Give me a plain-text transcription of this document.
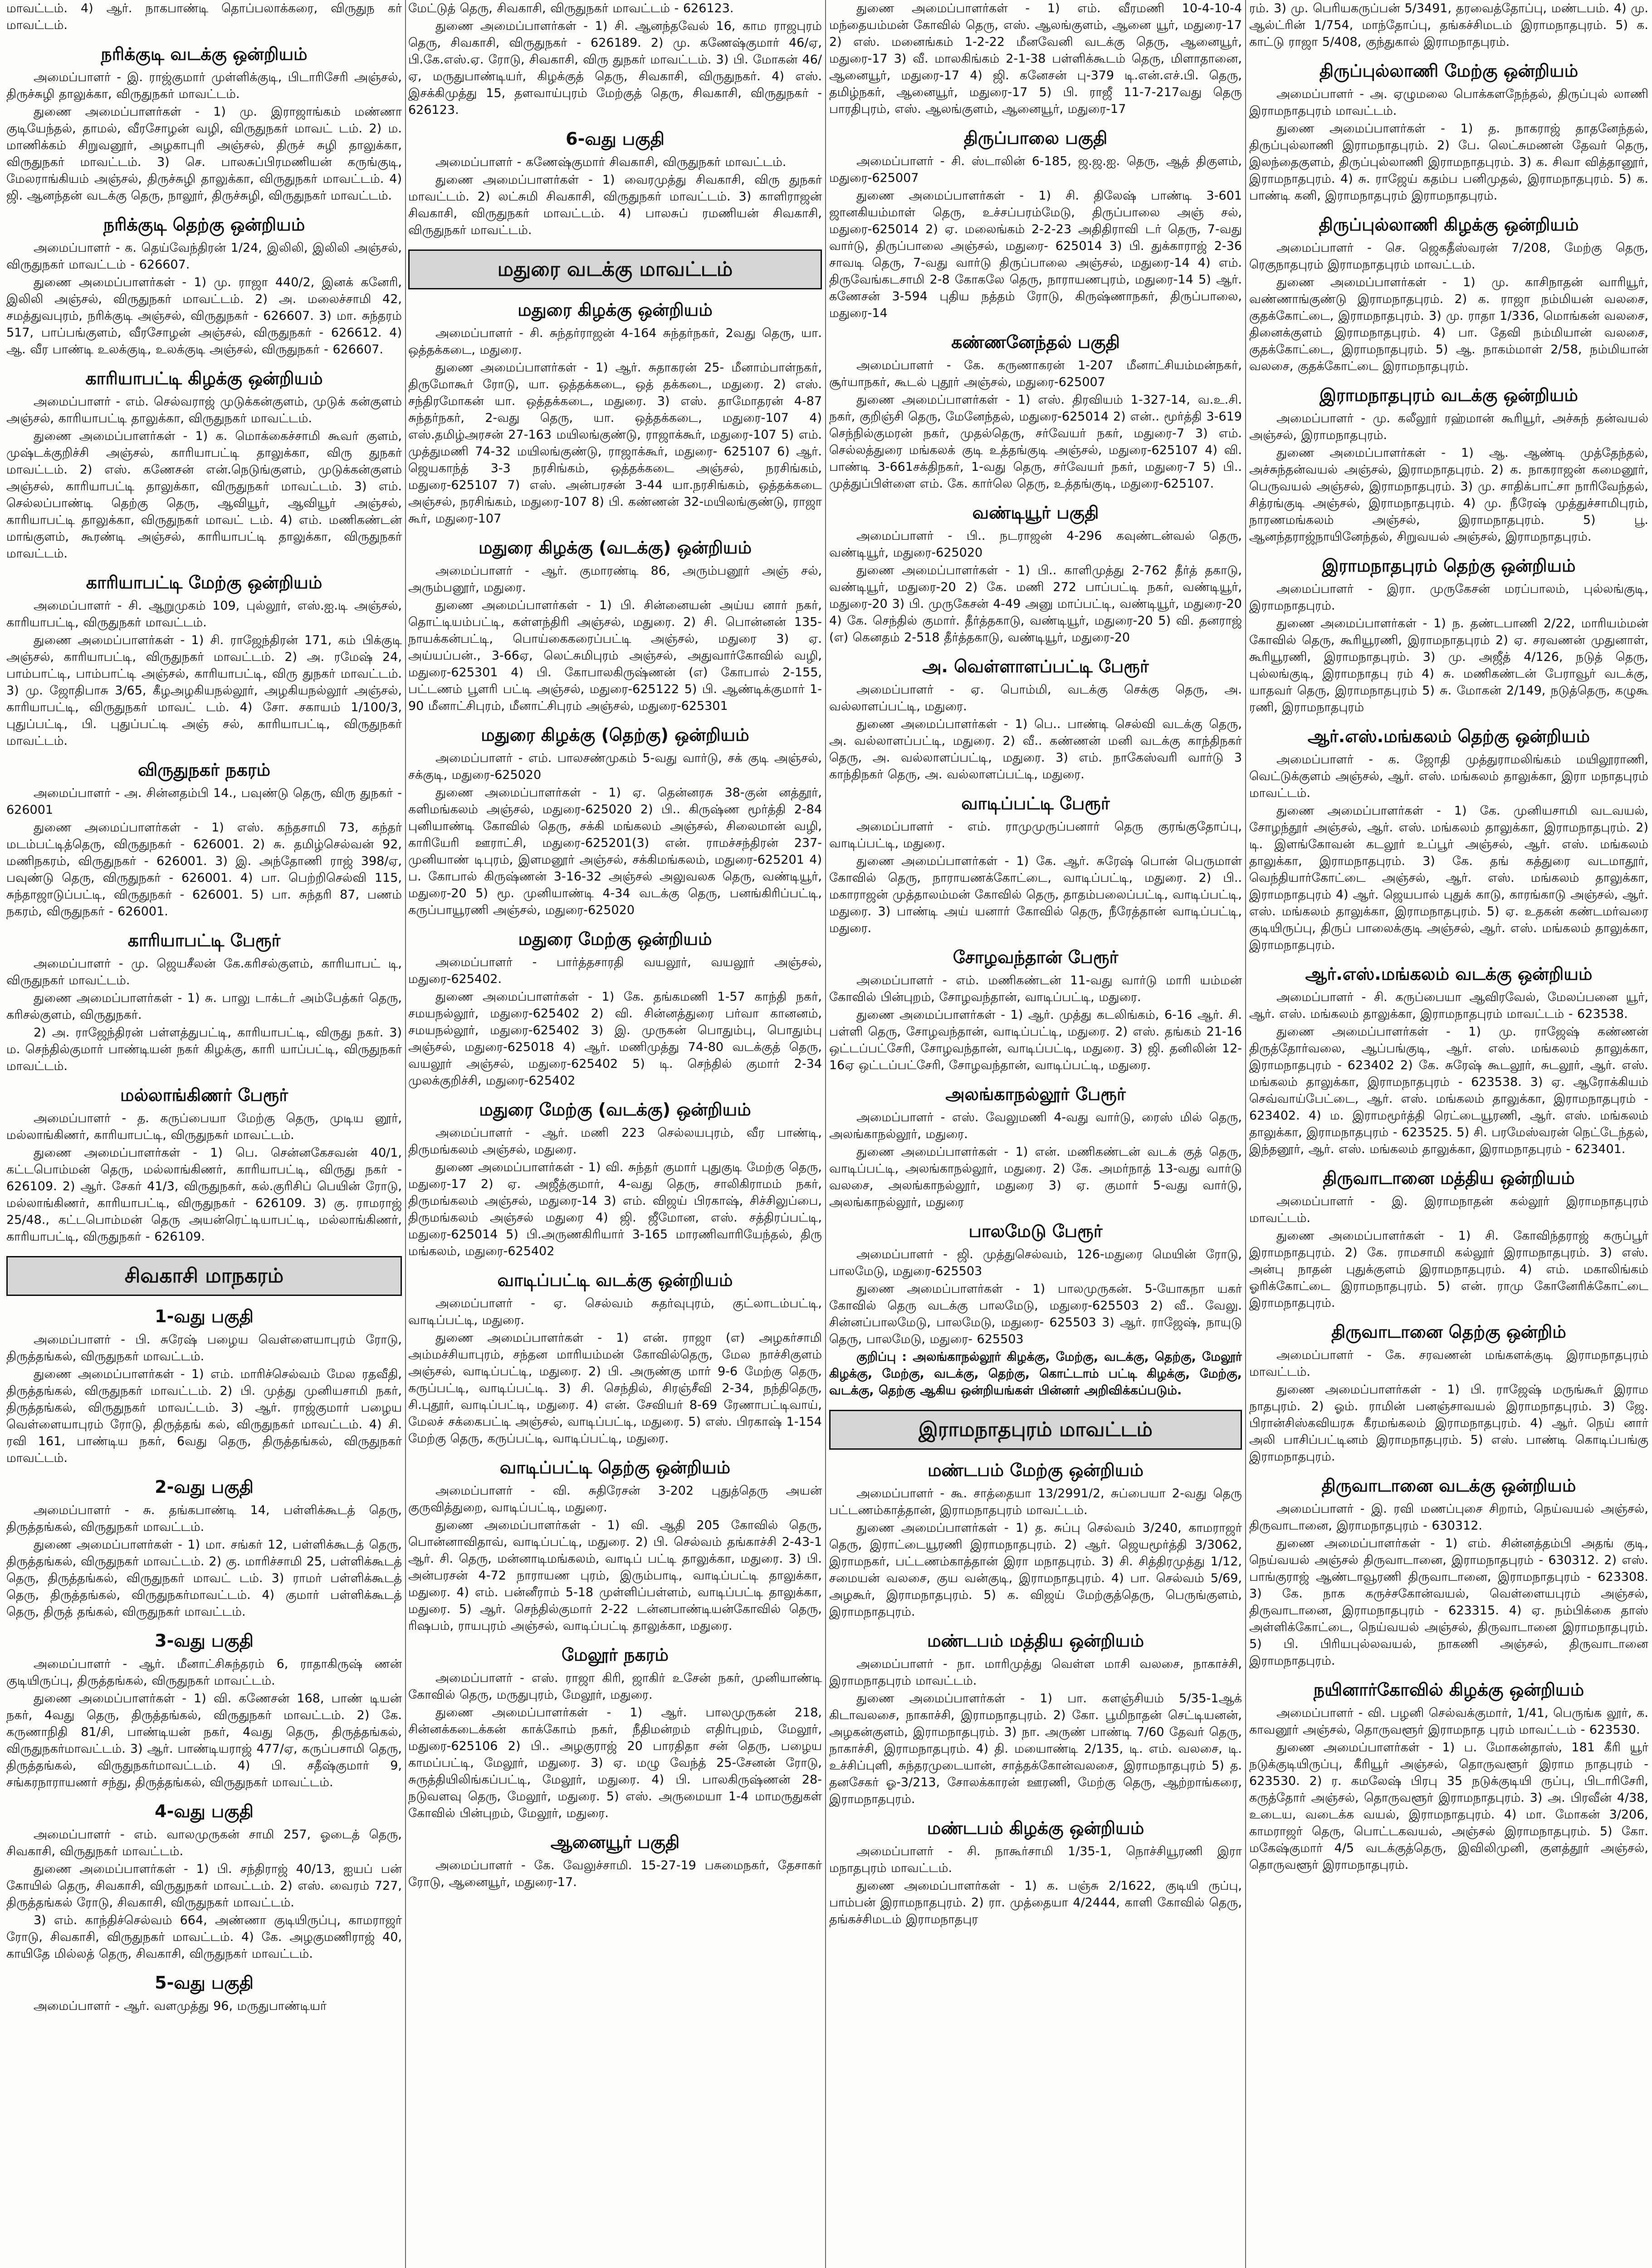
மாவட்டம். 4) ஆர். நாகபாண்டி தொப்பலாக்கரை, விருதுந கர் மாவட்டம்.
நரிக்குடி வடக்கு ஒன்றியம்
அமைப்பாளர் - இ. ராஜ்குமார் முள்ளிக்குடி, பிடாரிசேரி அஞ்சல், திருச்சுழி தாலுக்கா, விருதுநகர் மாவட்டம்.
துணை அமைப்பாளர்கள் - 1) மு. இராஜாங்கம் மண்ணா குடியேந்தல், தாமல், வீரசோழன் வழி, விருதுநகர் மாவட் டம். 2) ம. மாணிக்கம் சிறுவனூர், அழகாபுரி அஞ்சல், திருச் சுழி தாலுக்கா, விருதுநகர் மாவட்டம். 3) செ. பாலசுப்பிரமணியன் கருங்குடி, மேலராங்கியம் அஞ்சல், திருச்சுழி தாலுக்கா, விருதுநகர் மாவட்டம். 4) ஜி. ஆனந்தன் வடக்கு தெரு, நாலூர், திருச்சுழி, விருதுநகர் மாவட்டம்.
நரிக்குடி தெற்கு ஒன்றியம்
அமைப்பாளர் - க. தெய்வேந்திரன் 1/24, இலிலி, இலிலி அஞ்சல், விருதுநகர் மாவட்டம் - 626607.
துணை அமைப்பாளர்கள் - 1) மு. ராஜா 440/2, இனக் கனேரி, இலிலி அஞ்சல், விருதுநகர் மாவட்டம். 2) அ. மலைச்சாமி 42, சமத்துவபுரம், நரிக்குடி அஞ்சல், விருதுநகர் - 626607. 3) மா. சுந்தரம் 517, பாப்பங்குளம், வீரசோழன் அஞ்சல், விருதுநகர் - 626612. 4) ஆ. வீர பாண்டி உலக்குடி, உலக்குடி அஞ்சல், விருதுநகர் - 626607.
காரியாபட்டி கிழக்கு ஒன்றியம்
அமைப்பாளர் - எம். செல்வராஜ் முடுக்கன்குளம், முடுக் கன்குளம் அஞ்சல், காரியாபட்டி தாலுக்கா, விருதுநகர் மாவட்டம்.
துணை அமைப்பாளர்கள் - 1) க. மொக்கைச்சாமி கூவர் குளம், முஷ்டக்குறிச்சி அஞ்சல், காரியாபட்டி தாலுக்கா, விரு துநகர் மாவட்டம். 2) எஸ். கணேசன் என்.நெடுங்குளம், முடுக்கன்குளம் அஞ்சல், காரியாபட்டி தாலுக்கா, விருதுநகர் மாவட்டம். 3) எம். செல்லப்பாண்டி தெற்கு தெரு, ஆவியூர், ஆவியூர் அஞ்சல், காரியாபட்டி தாலுக்கா, விருதுநகர் மாவட் டம். 4) எம். மணிகண்டன் மாங்குளம், கூரண்டி அஞ்சல், காரியாபட்டி தாலுக்கா, விருதுநகர் மாவட்டம்.
காரியாபட்டி மேற்கு ஒன்றியம்
அமைப்பாளர் - சி. ஆறுமுகம் 109, புல்லூர், எஸ்.ஐ.டி அஞ்சல், காரியாபட்டி, விருதுநகர் மாவட்டம்.
துணை அமைப்பாளர்கள் - 1) சி. ராஜேந்திரன் 171, கம் பிக்குடி அஞ்சல், காரியாபட்டி, விருதுநகர் மாவட்டம். 2) அ. ரமேஷ் 24, பாம்பாட்டி, பாம்பாட்டி அஞ்சல், காரியாபட்டி, விரு துநகர் மாவட்டம். 3) மு. ஜோதிபாசு 3/65, கீழஅழகியநல்லூர், அழகியநல்லூர் அஞ்சல், காரியாபட்டி, விருதுநகர் மாவட் டம். 4) சோ. சகாயம் 1/100/3, புதுப்பட்டி, பி. புதுப்பட்டி அஞ் சல், காரியாபட்டி, விருதுநகர் மாவட்டம்.
விருதுநகர் நகரம்
அமைப்பாளர் - அ. சின்னதம்பி 14., பவுண்டு தெரு, விரு துநகர் - 626001
துணை அமைப்பாளர்கள் - 1) எஸ். கந்தசாமி 73, கந்தர் மடம்பட்டித்தெரு, விருதுநகர் - 626001. 2) சு. தமிழ்செல்வன் 92, மணிநகரம், விருதுநகர் - 626001. 3) இ. அந்தோணி ராஜ் 398/ஏ, பவுண்டு தெரு, விருதுநகர் - 626001. 4) பா. பெற்றிசெல்வி 115, சுந்தாஜாடுப்பட்டி, விருதுநகர் - 626001. 5) பா. சுந்தரி 87, பணம் நகரம், விருதுநகர் - 626001.
காரியாபட்டி பேரூர்
அமைப்பாளர் - மு. ஜெயசீலன் கே.கரிசல்குளம், காரியாபட் டி, விருதுநகர் மாவட்டம்.
துணை அமைப்பாளர்கள் - 1) சு. பாலு டாக்டர் அம்பேத்கர் தெரு, கரிசல்குளம், விருதுநகர்.
2) அ. ராஜேந்திரன் பள்ளத்துபட்டி, காரியாபட்டி, விருது நகர். 3) ம. செந்தில்குமார் பாண்டியன் நகர் கிழக்கு, காரி யாப்பட்டி, விருதுநகர் மாவட்டம்.
மல்லாங்கிணர் பேரூர்
அமைப்பாளர் - த. கருப்பையா மேற்கு தெரு, முடிய னூர், மல்லாங்கிணர், காரியாபட்டி, விருதுநகர் மாவட்டம்.
துணை அமைப்பாளர்கள் - 1) பெ. சென்னகேசவன் 40/1, கட்டபொம்மன் தெரு, மல்லாங்கிணர், காரியாபட்டி, விருது நகர் - 626109. 2) ஆர். சேகர் 41/3, விருதுநகர், கல்.குரிசிப் பெயின் ரோடு, மல்லாங்கிணர், காரியாபட்டி, விருதுநகர் - 626109. 3) கு. ராமராஜ் 25/48., கட்டபொம்மன் தெரு அயன்ரெட்டியாபட்டி, மல்லாங்கிணர், காரியாபட்டி, விருதுநகர் - 626109.
சிவகாசி மாநகரம்
1-வது பகுதி
அமைப்பாளர் - பி. சுரேஷ் பழைய வெள்ளையாபுரம் ரோடு, திருத்தங்கல், விருதுநகர் மாவட்டம்.
துணை அமைப்பாளர்கள் - 1) எம். மாரிச்செல்வம் மேல ரதவீதி, திருத்தங்கல், விருதுநகர் மாவட்டம். 2) பி. முத்து முனியசாமி நகர், திருத்தங்கல், விருதுநகர் மாவட்டம். 3) ஆர். ராஜ்குமார் பழைய வெள்ளையாபுரம் ரோடு, திருத்தங் கல், விருதுநகர் மாவட்டம். 4) சி. ரவி 161, பாண்டிய நகர், 6வது தெரு, திருத்தங்கல், விருதுநகர் மாவட்டம்.
2-வது பகுதி
அமைப்பாளர் - சு. தங்கபாண்டி 14, பள்ளிக்கூடத் தெரு, திருத்தங்கல், விருதுநகர் மாவட்டம்.
துணை அமைப்பாளர்கள் - 1) மா. சங்கர் 12, பள்ளிக்கூடத் தெரு, திருத்தங்கல், விருதுநகர் மாவட்டம். 2) கு. மாரிச்சாமி 25, பள்ளிக்கூடத் தெரு, திருத்தங்கல், விருதுநகர் மாவட் டம். 3) ராமர் பள்ளிக்கூடத் தெரு, திருத்தங்கல், விருதுநகர்மாவட்டம். 4) குமார் பள்ளிக்கூடத் தெரு, திருத் தங்கல், விருதுநகர் மாவட்டம்.
3-வது பகுதி
அமைப்பாளர் - ஆர். மீனாட்சிசுந்தரம் 6, ராதாகிருஷ் ணன் குடியிருப்பு, திருத்தங்கல், விருதுநகர் மாவட்டம்.
துணை அமைப்பாளர்கள் - 1) வி. கணேசன் 168, பாண் டியன் நகர், 4வது தெரு, திருத்தங்கல், விருதுநகர் மாவட்டம். 2) கே. கருணாநிதி 81/சி, பாண்டியன் நகர், 4வது தெரு, திருத்தங்கல், விருதுநகர்மாவட்டம். 3) ஆர். பாண்டியராஜ் 477/ஏ, கருப்பசாமி தெரு, திருத்தங்கல், விருதுநகர்மாவட்டம். 4) பி. சதீஷ்குமார் 9, சங்கரநாராயணர் சந்து, திருத்தங்கல், விருதுநகர் மாவட்டம்.
4-வது பகுதி
அமைப்பாளர் - எம். வாலமுருகன் சாமி 257, ஓடைத் தெரு, சிவகாசி, விருதுநகர் மாவட்டம்.
துணை அமைப்பாளர்கள் - 1) பி. சந்திராஜ் 40/13, ஐயப் பன் கோயில் தெரு, சிவகாசி, விருதுநகர் மாவட்டம். 2) எஸ். வைரம் 727, திருத்தங்கல் ரோடு, சிவகாசி, விருதுநகர் மாவட்டம்.
3) எம். காந்திச்செல்வம் 664, அண்ணா குடியிருப்பு, காமராஜர் ரோடு, சிவகாசி, விருதுநகர் மாவட்டம். 4) கே. அழகுமணிராஜ் 40, காயிதே மில்லத் தெரு, சிவகாசி, விருதுநகர் மாவட்டம்.
5-வது பகுதி
அமைப்பாளர் - ஆர். வளமுத்து 96, மருதுபாண்டியர்
மேட்டுத் தெரு, சிவகாசி, விருதுநகர் மாவட்டம் - 626123.
துணை அமைப்பாளர்கள் - 1) சி. ஆனந்தவேல் 16, காம ராஜபுரம் தெரு, சிவகாசி, விருதுநகர் - 626189. 2) மு. கணேஷ்குமார் 46/ஏ, பி.கே.எஸ்.ஏ. ரோடு, சிவகாசி, விரு துநகர் மாவட்டம். 3) பி. மோகன் 46/ஏ, மருதுபாண்டியர், கிழக்குத் தெரு, சிவகாசி, விருதுநகர். 4) எஸ். இசக்கிமுத்து 15, தளவாய்புரம் மேற்குத் தெரு, சிவகாசி, விருதுநகர் - 626123.
6-வது பகுதி
அமைப்பாளர் - கணேஷ்குமார் சிவகாசி, விருதுநகர் மாவட்டம்.
துணை அமைப்பாளர்கள் - 1) வைரமுத்து சிவகாசி, விரு துநகர் மாவட்டம். 2) லட்சுமி சிவகாசி, விருதுநகர் மாவட்டம். 3) காளிராஜன் சிவகாசி, விருதுநகர் மாவட்டம். 4) பாலசுப் ரமணியன் சிவகாசி, விருதுநகர் மாவட்டம்.
மதுரை வடக்கு மாவட்டம்
மதுரை கிழக்கு ஒன்றியம்
அமைப்பாளர் - சி. சுந்தர்ராஜன் 4-164 சுந்தர்நகர், 2வது தெரு, யா. ஒத்தக்கடை, மதுரை.
துணை அமைப்பாளர்கள் - 1) ஆர். சுதாகரன் 25- மீனாம்பாள்நகர், திருமோகூர் ரோடு, யா. ஒத்தக்கடை, ஒத் தக்கடை, மதுரை. 2) எஸ். சந்திரமோகன் யா. ஒத்தக்கடை, மதுரை. 3) எஸ். தாமோதரன் 4-87 சுந்தர்நகர், 2-வது தெரு, யா. ஒத்தக்கடை, மதுரை-107 4) எஸ்.தமிழ்அரசன் 27-163 மயிலங்குண்டு, ராஜாக்கூர், மதுரை-107 5) எம். முத்துமணி 74-32 மயிலங்குண்டு, ராஜாக்கூர், மதுரை- 625107 6) ஆர். ஜெயகாந்த் 3-3 நரசிங்கம், ஒத்தக்கடை அஞ்சல், நரசிங்கம், மதுரை-625107 7) எஸ். அன்பரசன் 3-44 யா.நரசிங்கம், ஒத்தக்கடை அஞ்சல், நரசிங்கம், மதுரை-107 8) பி. கண்ணன் 32-மயிலங்குண்டு, ராஜா கூர், மதுரை-107
மதுரை கிழக்கு (வடக்கு) ஒன்றியம்
அமைப்பாளர் - ஆர். குமாரண்டி 86, அரும்பனூர் அஞ் சல், அரும்பனூர், மதுரை.
துணை அமைப்பாளர்கள் - 1) பி. சின்னையன் அய்ய னார் நகர், தொட்டியம்பட்டி, கள்ளந்திரி அஞ்சல், மதுரை. 2) சி. பொன்னன் 135-நாயக்கன்பட்டி, பொய்கைகரைப்பட்டி அஞ்சல், மதுரை 3) ஏ. அய்யப்பன்., 3-66ஏ, லெட்சுமிபுரம் அஞ்சல், அதுவார்கோவில் வழி, மதுரை-625301 4) பி. கோபாலகிருஷ்ணன் (எ) கோபால் 2-155, பட்டணம் பூளரி பட்டி அஞ்சல், மதுரை-625122 5) பி. ஆண்டிக்குமார் 1-90 மீனாட்சிபுரம், மீனாட்சிபுரம் அஞ்சல், மதுரை-625301
மதுரை கிழக்கு (தெற்கு) ஒன்றியம்
அமைப்பாளர் - எம். பாலசண்முகம் 5-வது வார்டு, சக் குடி அஞ்சல், சக்குடி, மதுரை-625020
துணை அமைப்பாளர்கள் - 1) ஏ. தென்னரசு 38-குன் னத்தூர், களிமங்கலம் அஞ்சல், மதுரை-625020 2) பி.. கிருஷ்ண மூர்த்தி 2-84 புனியாண்டி கோவில் தெரு, சக்கி மங்கலம் அஞ்சல், சிலைமான் வழி, காரியேரி ஊராட்சி, மதுரை-625201(3) என். ராமச்சந்திரன் 237-முனியாண் டிபுரம், இளமனூர் அஞ்சல், சக்கிமங்கலம், மதுரை-625201 4) ப. கோபால் கிருஷ்ணன் 3-16-32 அஞ்சல் அலுவலக தெரு, வண்டியூர், மதுரை-20 5) மூ. முனியாண்டி 4-34 வடக்கு தெரு, பனங்கிரிப்பட்டி, கருப்பாயூரணி அஞ்சல், மதுரை-625020
மதுரை மேற்கு ஒன்றியம்
அமைப்பாளர் - பார்த்தசாரதி வயலூர், வயலூர் அஞ்சல், மதுரை-625402.
துணை அமைப்பாளர்கள் - 1) கே. தங்கமணி 1-57 காந்தி நகர், சமயநல்லூர், மதுரை-625402 2) வி. சின்னத்துரை பர்வா கானனம், சமயநல்லூர், மதுரை-625402 3) இ. முருகன் பொதும்பு, பொதும்பு அஞ்சல், மதுரை-625018 4) ஆர். மணிமுத்து 74-80 வடக்குத் தெரு, வயலூர் அஞ்சல், மதுரை-625402 5) டி. செந்தில் குமார் 2-34 முலக்குறிச்சி, மதுரை-625402
மதுரை மேற்கு (வடக்கு) ஒன்றியம்
அமைப்பாளர் - ஆர். மணி 223 செல்லயபுரம், வீர பாண்டி, திருமங்கலம் அஞ்சல், மதுரை.
துணை அமைப்பாளர்கள் - 1) வி. சுந்தர் குமார் புதுகுடி மேற்கு தெரு, மதுரை-17 2) ஏ. அஜீத்குமார், 4-வது தெரு, சாலிகிராமம் நகர், திருமங்கலம் அஞ்சல், மதுரை-14 3) எம். விஜய் பிரகாஷ், சிச்சிலுப்பை, திருமங்கலம் அஞ்சல் மதுரை 4) ஜி. ஜீமோன, எஸ். சத்திரப்பட்டி, மதுரை-625014 5) பி.அருணகிரியார் 3-165 மாரணிவாரியேந்தல், திரு மங்கலம், மதுரை-625402
வாடிப்பட்டி வடக்கு ஒன்றியம்
அமைப்பாளர் - ஏ. செல்வம் சுதர்வுபுரம், குட்லாடம்பட்டி, வாடிப்பட்டி, மதுரை.
துணை அமைப்பாளர்கள் - 1) என். ராஜா (எ) அழகர்சாமி அம்மச்சியாபுரம், சந்தன மாரியம்மன் கோவில்தெரு, மேல நாச்சிகுளம் அஞ்சல், வாடிப்பட்டி, மதுரை. 2) பி. அருண்கு மார் 9-6 மேற்கு தெரு, கருப்பட்டி, வாடிப்பட்டி. 3) சி. செந்தில், சிரஞ்சீவி 2-34, நந்திதெரு, சி.புதூர், வாடிப்பட்டி, மதுரை. 4) என். சேவியர் 8-69 ரேணாபட்டிவாய், மேலச் சக்கைபட்டி அஞ்சல், வாடிப்பட்டி, மதுரை. 5) எஸ். பிரகாஷ் 1-154 மேற்கு தெரு, கருப்பட்டி, வாடிப்பட்டி, மதுரை.
வாடிப்பட்டி தெற்கு ஒன்றியம்
அமைப்பாளர் - வி. சுதிரேசன் 3-202 புதுத்தெரு அயன் குருவித்துறை, வாடிப்பட்டி, மதுரை.
துணை அமைப்பாளர்கள் - 1) வி. ஆதி 205 கோவில் தெரு, பொன்னாவிதாவ், வாடிப்பட்டி, மதுரை. 2) பி. செல்வம் தங்காச்சி 2-43-1 ஆர். சி. தெரு, மன்னாடிமங்கலம், வாடிப் பட்டி தாலுக்கா, மதுரை. 3) பி. அன்பரசன் 4-72 நாராயண புரம், இரும்பாடி, வாடிப்பட்டி தாலுக்கா, மதுரை. 4) எம். பன்னீராம் 5-18 முள்ளிப்பள்ளம், வாடிப்பட்டி தாலுக்கா, மதுரை. 5) ஆர். செந்தில்குமார் 2-22 டன்னபாண்டியன்கோவில் தெரு, ரிஷபம், ராயபுரம் அஞ்சல், வாடிப்பட்டி தாலுக்கா, மதுரை.
மேலூர் நகரம்
அமைப்பாளர் - எஸ். ராஜா கிரி, ஜாகிர் உசேன் நகர், முனியாண்டி கோவில் தெரு, மருதுபுரம், மேலூர், மதுரை.
துணை அமைப்பாளர்கள் - 1) ஆர். பாலமுருகன் 218, சின்னக்கடைக்கன் காக்கோம் நகர், நீதிமன்றம் எதிர்புறம், மேலூர், மதுரை-625106 2) பி.. அழகுராஜ் 20 பாரதிதா சன் தெரு, பழைய காமப்பட்டி, மேலூர், மதுரை. 3) ஏ. மழு வேந்த் 25-சேனன் ரோடு, சுருத்தியிலிங்கப்பட்டி, மேலூர், மதுரை. 4) பி. பாலகிருஷ்ணன் 28-நடுவளவு தெரு, மேலூர், மதுரை. 5) எஸ். அருமையா 1-4 மாமருதுகள் கோவில் பின்புறம், மேலூர், மதுரை.
ஆனையூர் பகுதி
அமைப்பாளர் - கே. வேலுச்சாமி. 15-27-19 பசுமைநகர், தேசாகர் ரோடு, ஆனையூர், மதுரை-17.
துணை அமைப்பாளர்கள் - 1) எம். வீரமணி 10-4-10-4 மந்தையம்மன் கோவில் தெரு, எஸ். ஆலங்குளம், ஆனை யூர், மதுரை-17 2) எஸ். மனைங்கம் 1-2-22 மீனவேனி வடக்கு தெரு, ஆனையூர், மதுரை-17 3) வீ. மாலகிங்கம் 2-1-38 பள்ளிக்கூடம் தெரு, மிளாதானை, ஆனையூர், மதுரை-17 4) ஜி. கனேசன் பு-379 டி.என்.எச்.பி. தெரு, தமிழ்நகர், ஆனையூர், மதுரை-17 5) பி. ராஜீ 11-7-217வது தெரு பாரதிபுரம், எஸ். ஆலங்குளம், ஆனையூர், மதுரை-17
திருப்பாலை பகுதி
அமைப்பாளர் - சி. ஸ்டாலின் 6-185, ஜ.ஜ.ஐ. தெரு, ஆத் திகுளம், மதுரை-625007
துணை அமைப்பாளர்கள் - 1) சி. திலேஷ் பாண்டி 3-601 ஜானகியம்மாள் தெரு, உச்சப்பரம்மேடு, திருப்பாலை அஞ் சல், மதுரை-625014 2) ஏ. மலைங்கம் 2-2-23 அதிதிராவி டர் தெரு, 7-வது வார்டு, திருப்பாலை அஞ்சல், மதுரை- 625014 3) பி. துக்காராஜ் 2-36 சாவடி தெரு, 7-வது வார்டு திருப்பாலை அஞ்சல், மதுரை-14 4) எம். திருவேங்கடசாமி 2-8 கோகலே தெரு, நாராயணபுரம், மதுரை-14 5) ஆர். கணேசன் 3-594 புதிய நத்தம் ரோடு, கிருஷ்ணாநகர், திருப்பாலை, மதுரை-14
கண்ணனேந்தல் பகுதி
அமைப்பாளர் - கே. கருணாகரன் 1-207 மீனாட்சியம்மன்நகர், சூர்யாநகர், கூடல் புதூர் அஞ்சல், மதுரை-625007
துணை அமைப்பாளர்கள் - 1) எஸ். திரவியம் 1-327-14, வ.உ.சி. நகர், குறிஞ்சி தெரு, மேனேந்தல், மதுரை-625014 2) என்.. மூர்த்தி 3-619 செந்நில்குமரன் நகர், முதல்தெரு, சர்வேயர் நகர், மதுரை-7 3) எம். செல்லத்துரை மங்கலக் குடி உத்தங்குடி அஞ்சல், மதுரை-625107 4) வி. பாண்டி 3-661சக்திநகர், 1-வது தெரு, சர்வேயர் நகர், மதுரை-7 5) பி.. முத்துப்பிள்ளை எம். கே. கார்லெ தெரு, உத்தங்குடி, மதுரை-625107.
வண்டியூர் பகுதி
அமைப்பாளர் - பி.. நடராஜன் 4-296 கவுண்டன்வல் தெரு, வண்டியூர், மதுரை-625020
துணை அமைப்பாளர்கள் - 1) பி.. காளிமுத்து 2-762 தீர்த் தகாடு, வண்டியூர், மதுரை-20 2) கே. மணி 272 பாப்பட்டி நகர், வண்டியூர், மதுரை-20 3) பி. முருகேசன் 4-49 அனு மாப்பட்டி, வண்டியூர், மதுரை-20 4) கே. செந்தில் குமார். தீர்த்தகாடு, வண்டியூர், மதுரை-20 5) வி. தனராஜ் (எ) கெனதம் 2-518 தீர்த்தகாடு, வண்டியூர், மதுரை-20
அ. வெள்ளாளப்பட்டி பேரூர்
அமைப்பாளர் - ஏ. பொம்மி, வடக்கு செக்கு தெரு, அ. வல்லாளப்பட்டி, மதுரை.
துணை அமைப்பாளர்கள் - 1) பெ.. பாண்டி செல்வி வடக்கு தெரு, அ. வல்லாளப்பட்டி, மதுரை. 2) வீ.. கண்ணன் மனி வடக்கு காந்திநகர் தெரு, அ. வல்லாளப்பட்டி, மதுரை. 3) எம். நாகேஸ்வரி வார்டு 3 காந்திநகர் தெரு, அ. வல்லாளப்பட்டி, மதுரை.
வாடிப்பட்டி பேரூர்
அமைப்பாளர் - எம். ராமுமுருப்பனார் தெரு குரங்குதோப்பு, வாடிப்பட்டி, மதுரை.
துணை அமைப்பாளர்கள் - 1) கே. ஆர். சுரேஷ் பொன் பெருமாள் கோவில் தெரு, நாராயணக்கோட்டை, வாடிப்பட்டி, மதுரை. 2) பி.. மகாராஜன் முத்தாலம்மன் கோவில் தெரு, தாதம்பலைப்பட்டி, வாடிப்பட்டி, மதுரை. 3) பாண்டி அய் யனார் கோவில் தெரு, நீரேத்தான் வாடிப்பட்டி, மதுரை.
சோழவந்தான் பேரூர்
அமைப்பாளர் - எம். மணிகண்டன் 11-வது வார்டு மாரி யம்மன் கோவில் பின்புறம், சோழவந்தான், வாடிப்பட்டி, மதுரை.
துணை அமைப்பாளர்கள் - 1) ஆர். முத்து கடலிங்கம், 6-16 ஆர். சி. பள்ளி தெரு, சோழவந்தான், வாடிப்பட்டி, மதுரை. 2) எஸ். தங்கம் 21-16 ஒட்டப்பட்சேரி, சோழவந்தான், வாடிப்பட்டி, மதுரை. 3) ஜி. தனிலின் 12-16ஏ ஒட்டப்பட்சேரி, சோழவந்தான், வாடிப்பட்டி, மதுரை.
அலங்காநல்லூர் பேரூர்
அமைப்பாளர் - எஸ். வேலுமணி 4-வது வார்டு, ரைஸ் மில் தெரு, அலங்காநல்லூர், மதுரை.
துணை அமைப்பாளர்கள் - 1) என். மணிகண்டன் வடக் குத் தெரு, வாடிப்பட்டி, அலங்காநல்லூர், மதுரை. 2) கே. அமர்நாத் 13-வது வார்டு வலசை, அலங்காநல்லூர், மதுரை 3) ஏ. குமார் 5-வது வார்டு, அலங்காநல்லூர், மதுரை
பாலமேடு பேரூர்
அமைப்பாளர் - ஜி. முத்துசெல்வம், 126-மதுரை மெயின் ரோடு, பாலமேடு, மதுரை-625503
துணை அமைப்பாளர்கள் - 1) பாலமுருகன். 5-யோகநா யகர் கோவில் தெரு வடக்கு பாலமேடு, மதுரை-625503 2) வீ.. வேலு. சின்னப்பாலமேடு, பாலமேடு, மதுரை- 625503 3) ஆர். ராஜேஷ், நாயுடு தெரு, பாலமேடு, மதுரை- 625503
குறிப்பு : அலங்காநல்லூர் கிழக்கு, மேற்கு, வடக்கு, தெற்கு, மேலூர் கிழக்கு, மேற்கு, வடக்கு, தெற்கு, கொட்டாம் பட்டி கிழக்கு, மேற்கு, வடக்கு, தெற்கு ஆகிய ஒன்றியங்கள் பின்னர் அறிவிக்கப்படும்.
இராமநாதபுரம் மாவட்டம்
மண்டபம் மேற்கு ஒன்றியம்
அமைப்பாளர் - கூ. சாத்தையா 13/2991/2, சுப்பையா 2-வது தெரு பட்டணம்காத்தான், இராமநாதபுரம் மாவட்டம்.
துணை அமைப்பாளர்கள் - 1) த. சுப்பு செல்வம் 3/240, காமராஜர் தெரு, இராட்டையூரணி இராமநாதபுரம். 2) ஆர். ஜெயமூர்த்தி 3/3062, இராமநகர், பட்டணம்காத்தான் இரா மநாதபுரம். 3) சி. சித்திரமுத்து 1/12, சமையன் வலசை, குய வன்குடி, இராமநாதபுரம். 4) பா. செல்வம் 5/69, அழகூர், இராமநாதபுரம். 5) க. விஜய் மேற்குத்தெரு, பெருங்குளம், இராமநாதபுரம்.
மண்டபம் மத்திய ஒன்றியம்
அமைப்பாளர் - நா. மாரிமுத்து வெள்ள மாசி வலசை, நாகாச்சி, இராமநாதபுரம் மாவட்டம்.
துணை அமைப்பாளர்கள் - 1) பா. களஞ்சியம் 5/35-1ஆக் கிடாவலசை, நாகாச்சி, இராமநாதபுரம். 2) கோ. பூமிநாதன் செட்டியனன், அழகன்குளம், இராமநாதபுரம். 3) நா. அருண் பாண்டி 7/60 தேவர் தெரு, நாகாச்சி, இராமநாதபுரம். 4) தி. மயைாண்டி 2/135, டி. எம். வலசை, டி. உச்சிப்புளி, சுந்தரமுடையான், சாத்தக்கோன்வலசை, இராமநாதபுரம் 5) த. தனசேகர் ஓ-3/213, சோலக்காரன் ஊரணி, மேற்கு தெரு, ஆற்றாங்கரை, இராமநாதபுரம்.
மண்டபம் கிழக்கு ஒன்றியம்
அமைப்பாளர் - சி. நாகூர்சாமி 1/35-1, நொச்சியூரணி இரா மநாதபுரம் மாவட்டம்.
துணை அமைப்பாளர்கள் - 1) க. பஞ்சு 2/1622, குடியி ருப்பு, பாம்பன் இராமநாதபுரம். 2) ரா. முத்தையா 4/2444, காளி கோவில் தெரு, தங்கச்சிமடம் இராமநாதபுர
ரம். 3) மு. பெரியகருப்பன் 5/3491, தரவைத்தோப்பு, மண்டபம். 4) மு. ஆல்ட்ரின் 1/754, மாந்தோப்பு, தங்கச்சிமடம் இராமநாதபுரம். 5) க. காட்டு ராஜா 5/408, குந்துகால் இராமநாதபுரம்.
திருப்புல்லாணி மேற்கு ஒன்றியம்
அமைப்பாளர் - அ. ஏழுமலை பொக்களநேந்தல், திருப்புல் லாணி இராமநாதபுரம் மாவட்டம்.
துணை அமைப்பாளர்கள் - 1) த. நாகராஜ் தாதனேந்தல், திருப்புல்லாணி இராமநாதபுரம். 2) பே. லெட்சுமணன் தேவர் தெரு, இலந்தைகுளம், திருப்புல்லாணி இராமநாதபுரம். 3) க. சிவா வித்தானூர், இராமநாதபுரம். 4) சு. ராஜேய் கதம்ப பனிமுதல், இராமநாதபுரம். 5) க. பாண்டி கனி, இராமநாதபுரம் இராமநாதபுரம்.
திருப்புல்லாணி கிழக்கு ஒன்றியம்
அமைப்பாளர் - செ. ஜெகதீஸ்வரன் 7/208, மேற்கு தெரு, ரெகுநாதபுரம் இராமநாதபுரம் மாவட்டம்.
துணை அமைப்பாளர்கள் - 1) மு. காசிநாதன் வாரியூர், வண்ணாங்குண்டு இராமநாதபுரம். 2) க. ராஜா நம்மியன் வலசை, குதக்கோட்டை, இராமநாதபுரம். 3) மு. ராதா 1/336, மொங்கன் வலசை, தினைக்குளம் இராமநாதபுரம். 4) பா. தேவி நம்மியான் வலசை, குதக்கோட்டை, இராமநாதபுரம். 5) ஆ. நாகம்மாள் 2/58, நம்மியான் வலசை, குதக்கோட்டை இராமநாதபுரம்.
இராமநாதபுரம் வடக்கு ஒன்றியம்
அமைப்பாளர் - மு. கலீலூர் ரஹ்மான் கூரியூர், அச்சுந் தன்வயல் அஞ்சல், இராமநாதபுரம்.
துணை அமைப்பாளர்கள் - 1) ஆ. ஆண்டி முத்தேந்தல், அச்சுந்தன்வயல் அஞ்சல், இராமநாதபுரம். 2) க. நாகராஜன் கமைனூர், பெருவயல் அஞ்சல், இராமநாதபுரம். 3) மு. சாதிக்பாட்சா நாரிவேந்தல், சித்ரங்குடி அஞ்சல், இராமநாதபுரம். 4) மு. நீரேஷ் முத்துச்சாமிபுரம், நாரணமங்கலம் அஞ்சல், இராமநாதபுரம். 5) பூ. ஆனந்தராஜ்நாயினேந்தல், சிறுவயல் அஞ்சல், இராமநாதபுரம்.
இராமநாதபுரம் தெற்கு ஒன்றியம்
அமைப்பாளர் - இரா. முருகேசன் மரப்பாலம், புல்லங்குடி, இராமநாதபுரம்.
துணை அமைப்பாளர்கள் - 1) ந. தண்டபாணி 2/22, மாரியம்மன் கோவில் தெரு, கூரியூரணி, இராமநாதபுரம் 2) ஏ. சரவணன் முதுனாள், கூரியூரணி, இராமநாதபுரம். 3) மு. அஜீத் 4/126, நடுத் தெரு, புல்லங்குடி, இராமநாதபு ரம் 4) சு. மணிகண்டன் பேராவூர் வடக்கு, யாதவர் தெரு, இராமநாதபுரம் 5) சு. மோகன் 2/149, நடுத்தெரு, கழுகூ ரணி, இராமநாதபுரம்
ஆர்.எஸ்.மங்கலம் தெற்கு ஒன்றியம்
அமைப்பாளர் - க. ஜோதி முத்துராமலிங்கம் மயிலூராணி, வெட்டுக்குளம் அஞ்சல், ஆர். எஸ். மங்கலம் தாலுக்கா, இரா மநாதபுரம் மாவட்டம்.
துணை அமைப்பாளர்கள் - 1) கே. முனியசாமி வடவயல், சோழந்தூர் அஞ்சல், ஆர். எஸ். மங்கலம் தாலுக்கா, இராமநாதபுரம். 2) டி. இளங்கோவன் கடலூர் உப்பூர் அஞ்சல், ஆர். எஸ். மங்கலம் தாலுக்கா, இராமநாதபுரம். 3) கே. தங் கத்துரை வடமாதூர், வெந்தியார்கோட்டை அஞ்சல், ஆர். எஸ். மங்கலம் தாலுக்கா, இராமநாதபுரம் 4) ஆர். ஜெயபால் புதுக் காடு, காரங்காடு அஞ்சல், ஆர். எஸ். மங்கலம் தாலுக்கா, இராமநாதபுரம். 5) ஏ. உதகன் கண்டமர்வரை குடியிருப்பு, திருப் பாலைக்குடி அஞ்சல், ஆர். எஸ். மங்கலம் தாலுக்கா, இராமநாதபுரம்.
ஆர்.எஸ்.மங்கலம் வடக்கு ஒன்றியம்
அமைப்பாளர் - சி. கருப்பையா ஆவிரவேல், மேலப்பனை யூர், ஆர். எஸ். மங்கலம் தாலுக்கா, இராமநாதபுரம் மாவட்டம் - 623538.
துணை அமைப்பாளர்கள் - 1) மு. ராஜேஷ் கண்ணன் திருத்தோர்வலை, ஆப்பங்குடி, ஆர். எஸ். மங்கலம் தாலுக்கா, இராமநாதபுரம் - 623402 2) கே. சுரேஷ் கூடலூர், சுடலூர், ஆர். எஸ். மங்கலம் தாலுக்கா, இராமநாதபுரம் - 623538. 3) ஏ. ஆரோக்கியம் செவ்வாய்பேட்டை, ஆர். எஸ். மங்கலம் தாலுக்கா, இராமநாதபுரம் - 623402. 4) ம. இராமமூர்த்தி ரெட்டையூரணி, ஆர். எஸ். மங்கலம் தாலுக்கா, இராமநாதபுரம் - 623525. 5) சி. பரமேஸ்வரன் நெட்டேந்தல், இந்தனூர், ஆர். எஸ். மங்கலம் தாலுக்கா, இராமநாதபுரம் - 623401.
திருவாடானை மத்திய ஒன்றியம்
அமைப்பாளர் - இ. இராமநாதன் கல்லூர் இராமநாதபுரம் மாவட்டம்.
துணை அமைப்பாளர்கள் - 1) சி. கோவிந்தராஜ் கருப்பூர் இராமநாதபுரம். 2) கே. ராமசாமி கல்லூர் இராமநாதபுரம். 3) எஸ். அன்பு நாதன் புதுக்குளம் இராமநாதபுரம். 4) எம். மகாலிங்கம் ஓரிக்கோட்டை இராமநாதபுரம். 5) என். ராமு கோனேரிக்கோட்டை இராமநாதபுரம்.
திருவாடானை தெற்கு ஒன்றிம்
அமைப்பாளர் - கே. சரவணன் மங்களக்குடி இராமநாதபுரம் மாவட்டம்.
துணை அமைப்பாளர்கள் - 1) பி. ராஜேஷ் மருங்கூர் இராம நாதபுரம். 2) ஓம். ராமின் பனஞ்சாவயல் இராமநாதபுரம். 3) ஜே. பிரான்சிஸ்கவியரசு கீரமங்கலம் இராமநாதபுரம். 4) ஆர். நெய் னார் அலி பாசிப்பட்டினம் இராமநாதபுரம். 5) எஸ். பாண்டி கொடிப்பங்கு இராமநாதபுரம்.
திருவாடானை வடக்கு ஒன்றியம்
அமைப்பாளர் - இ. ரவி மணப்புசை சிறாம், நெய்வயல் அஞ்சல், திருவாடானை, இராமநாதபுரம் - 630312.
துணை அமைப்பாளர்கள் - 1) எம். சின்னத்தம்பி அதங் குடி, நெய்வயல் அஞ்சல் திருவாடானை, இராமநாதபுரம் - 630312. 2) எஸ். பாங்குராஜ் ஆண்டாவூரணி திருவாடானை, இராமநாதபுரம் - 623308. 3) கே. நாக கருச்சகோன்வயல், வெள்ளையபுரம் அஞ்சல், திருவாடானை, இராமநாதபுரம் - 623315. 4) ஏ. நம்பிக்கை தாஸ் அள்ளிக்கோட்டை, நெய்வயல் அஞ்சல், திருவாடானை இராமநாதபுரம். 5) பி. பிரியபுல்லவயல், நாகணி அஞ்சல், திருவாடானை இராமநாதபுரம்.
நயினார்கோவில் கிழக்கு ஒன்றியம்
அமைப்பாளர் - வி. பழனி செல்வக்குமார், 1/41, பெருங்க லூர், க. காவனூர் அஞ்சல், தொருவளூர் இராமநாத புரம் மாவட்டம் - 623530.
துணை அமைப்பாளர்கள் - 1) ப. மோகன்தாஸ், 181 கீரி யூர் நடுக்குடியிருப்பு, கீரியூர் அஞ்சல், தொருவளூர் இராம நாதபுரம் - 623530. 2) ர. கமலேஷ் பிரபு 35 நடுக்குடியி ருப்பு, பிடாரிசேரி, கருத்தோர் அஞ்சல், தொருவளூர் இராமநாதபுரம். 3) அ. பிரவீன் 4/38, உடைய, வடைக்க வயல், இராமநாதபுரம். 4) மா. மோகன் 3/206, காமராஜர் தெரு, பொட்டகவயல், அஞ்சல் இராமநாதபுரம். 5) கோ. மகேஷ்குமார் 4/5 வடக்குத்தெரு, இவிலிமுனி, குளத்தூர் அஞ்சல், தொருவளூர் இராமநாதபுரம்.
